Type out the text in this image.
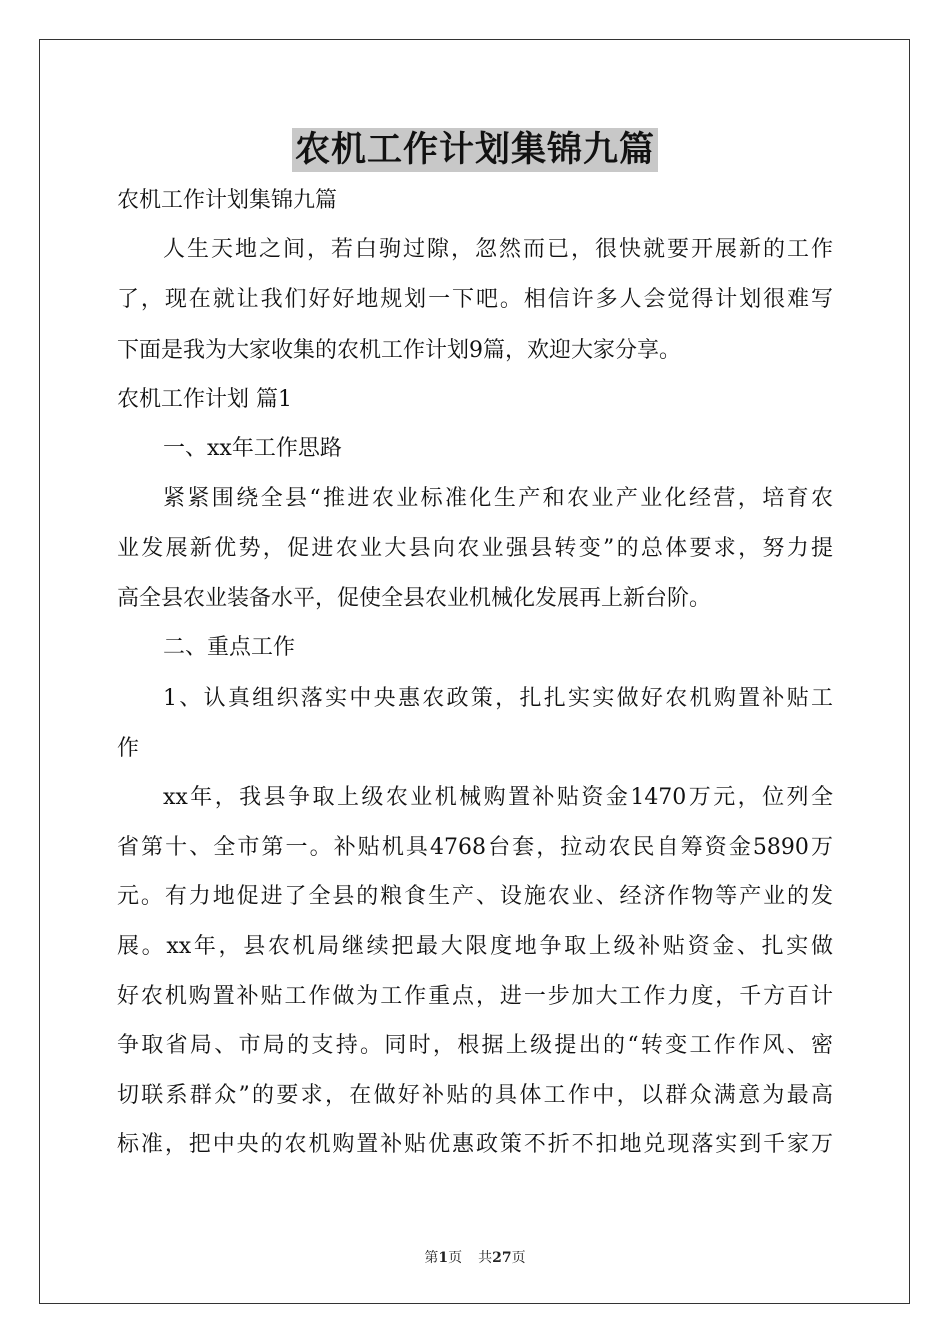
农机工作计划集锦九篇
农机工作计划集锦九篇
人生天地之间，若白驹过隙，忽然而已，很快就要开展新的工作
了，现在就让我们好好地规划一下吧。相信许多人会觉得计划很难写
下面是我为大家收集的农机工作计划9篇，欢迎大家分享。
农机工作计划 篇1
一、xx年工作思路
紧紧围绕全县“推进农业标准化生产和农业产业化经营，培育农
业发展新优势，促进农业大县向农业强县转变”的总体要求，努力提
高全县农业装备水平，促使全县农业机械化发展再上新台阶。
二、重点工作
1、认真组织落实中央惠农政策，扎扎实实做好农机购置补贴工
作
xx年，我县争取上级农业机械购置补贴资金1470万元，位列全
省第十、全市第一。补贴机具4768台套，拉动农民自筹资金5890万
元。有力地促进了全县的粮食生产、设施农业、经济作物等产业的发
展。xx年，县农机局继续把最大限度地争取上级补贴资金、扎实做
好农机购置补贴工作做为工作重点，进一步加大工作力度，千方百计
争取省局、市局的支持。同时，根据上级提出的“转变工作作风、密
切联系群众”的要求，在做好补贴的具体工作中，以群众满意为最高
标准，把中央的农机购置补贴优惠政策不折不扣地兑现落实到千家万
第1页 共27页
